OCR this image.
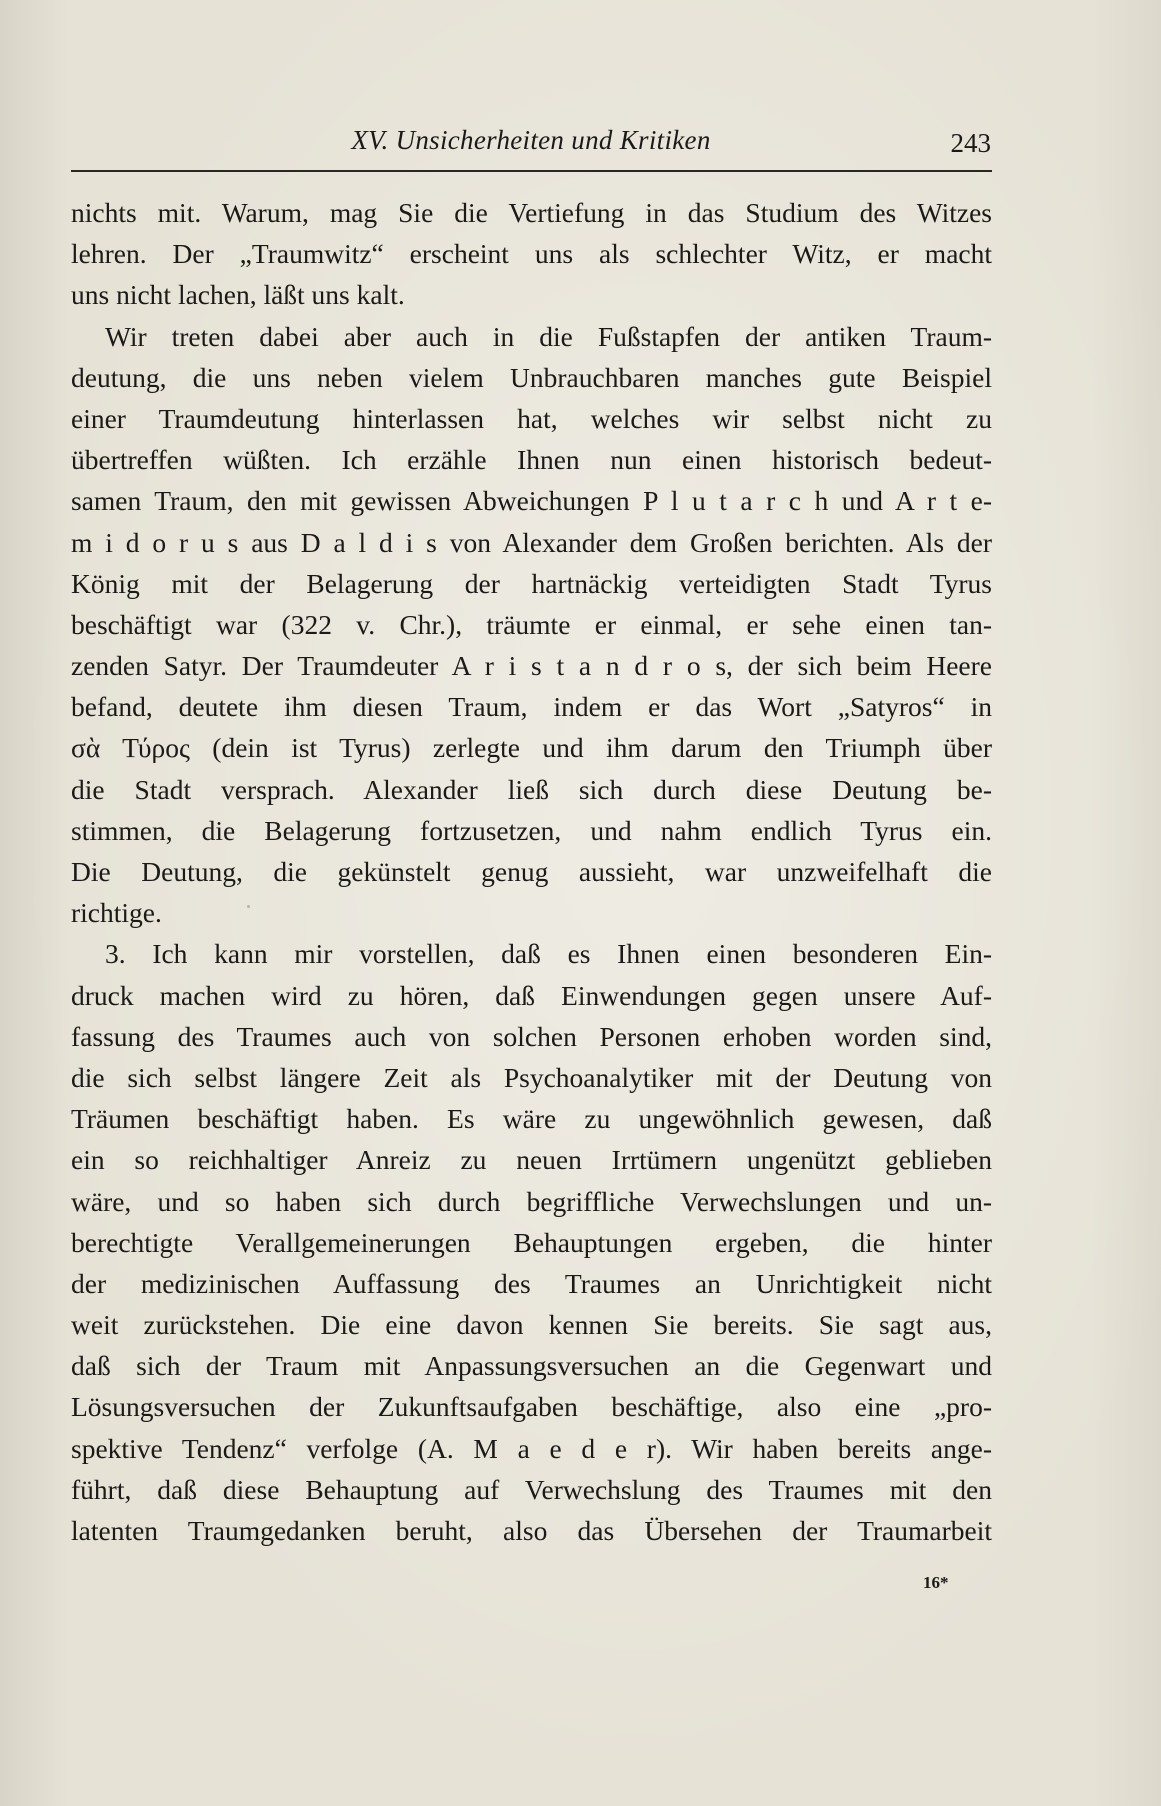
XV. Unsicherheiten und Kritiken	243
nichts mit. Warum, mag Sie die Vertiefung in das Studium des Witzes
lehren. Der „Traumwitz“ erscheint uns als schlechter Witz, er macht
uns nicht lachen, läßt uns kalt.
Wir treten dabei aber auch in die Fußstapfen der antiken Traum-
deutung, die uns neben vielem Unbrauchbaren manches gute Beispiel
einer Traumdeutung hinterlassen hat, welches wir selbst nicht zu
übertreffen wüßten. Ich erzähle Ihnen nun einen historisch bedeut-
samen Traum, den mit gewissen Abweichungen P l u t a r c h und A r t e-
m i d o r u s aus D a l d i s von Alexander dem Großen berichten. Als der
König mit der Belagerung der hartnäckig verteidigten Stadt Tyrus
beschäftigt war (322 v. Chr.), träumte er einmal, er sehe einen tan-
zenden Satyr. Der Traumdeuter A r i s t a n d r o s, der sich beim Heere
befand, deutete ihm diesen Traum, indem er das Wort „Satyros“ in
σὰ Τύρος (dein ist Tyrus) zerlegte und ihm darum den Triumph über
die Stadt versprach. Alexander ließ sich durch diese Deutung be-
stimmen, die Belagerung fortzusetzen, und nahm endlich Tyrus ein.
Die Deutung, die gekünstelt genug aussieht, war unzweifelhaft die
richtige.
3. Ich kann mir vorstellen, daß es Ihnen einen besonderen Ein-
druck machen wird zu hören, daß Einwendungen gegen unsere Auf-
fassung des Traumes auch von solchen Personen erhoben worden sind,
die sich selbst längere Zeit als Psychoanalytiker mit der Deutung von
Träumen beschäftigt haben. Es wäre zu ungewöhnlich gewesen, daß
ein so reichhaltiger Anreiz zu neuen Irrtümern ungenützt geblieben
wäre, und so haben sich durch begriffliche Verwechslungen und un-
berechtigte Verallgemeinerungen Behauptungen ergeben, die hinter
der medizinischen Auffassung des Traumes an Unrichtigkeit nicht
weit zurückstehen. Die eine davon kennen Sie bereits. Sie sagt aus,
daß sich der Traum mit Anpassungsversuchen an die Gegenwart und
Lösungsversuchen der Zukunftsaufgaben beschäftige, also eine „pro-
spektive Tendenz“ verfolge (A. M a e d e r). Wir haben bereits ange-
führt, daß diese Behauptung auf Verwechslung des Traumes mit den
latenten Traumgedanken beruht, also das Übersehen der Traumarbeit
16*
